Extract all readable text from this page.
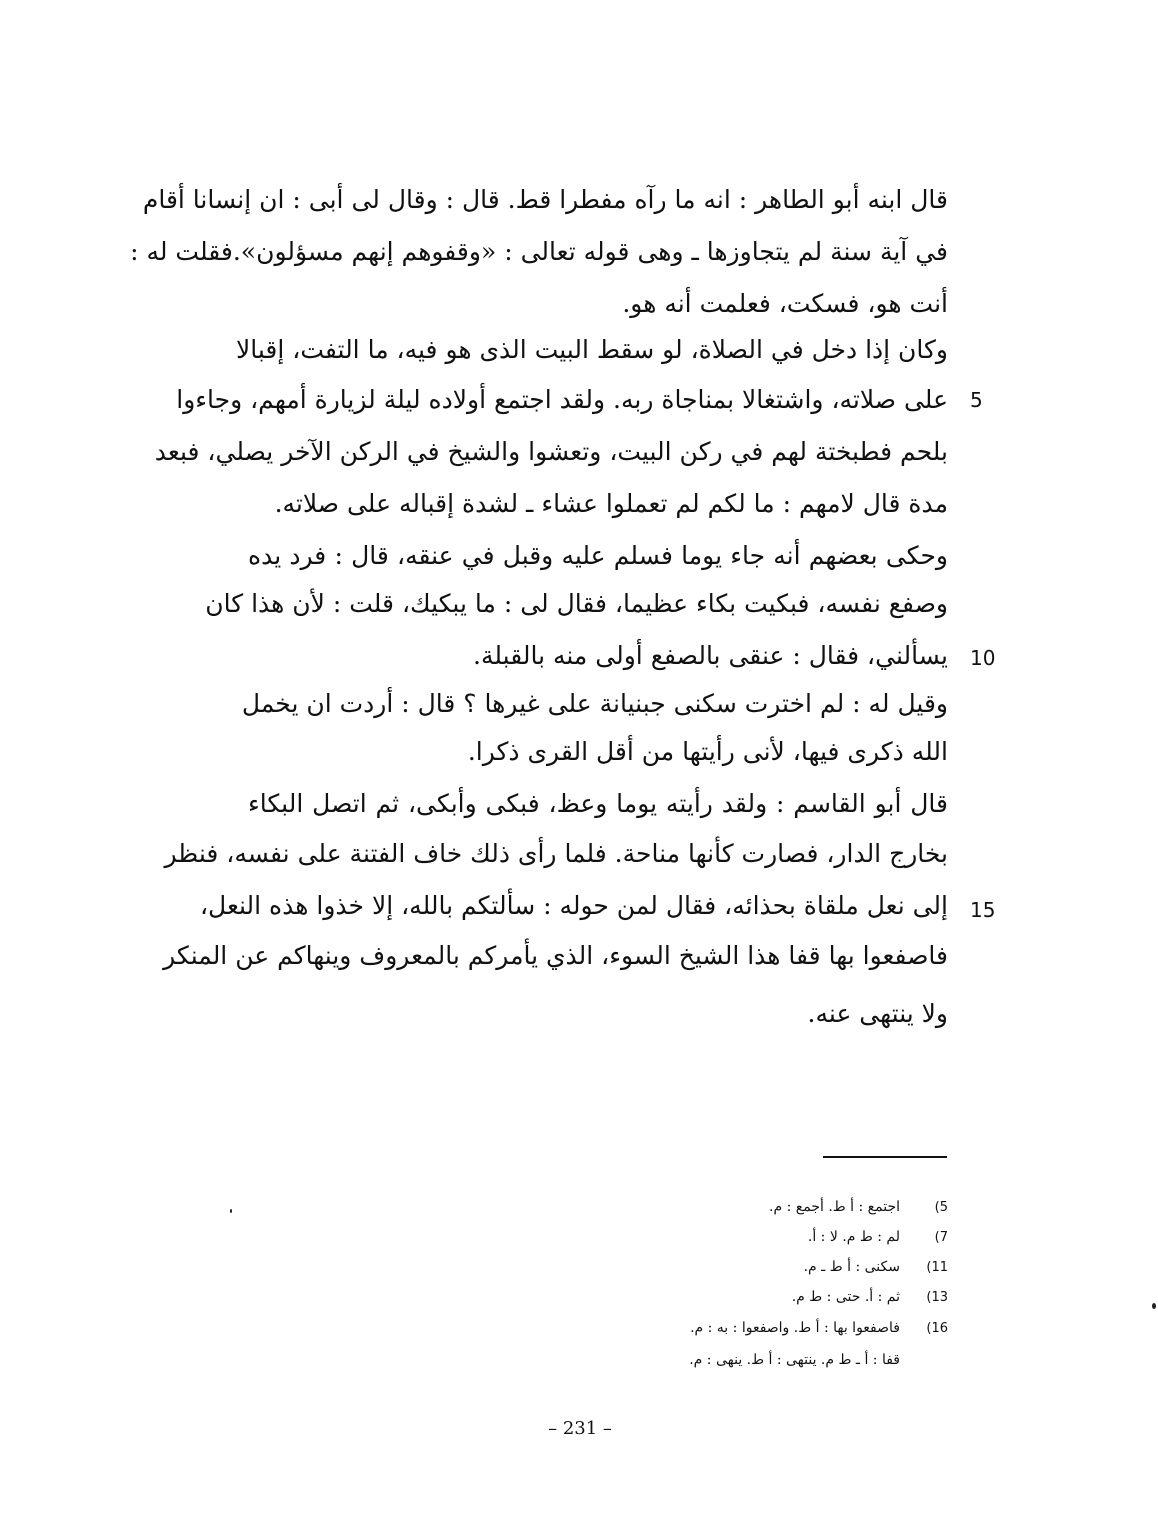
قال ابنه أبو الطاهر : انه ما رآه مفطرا قط. قال : وقال لى أبى : ان إنسانا أقام
في آية سنة لم يتجاوزها ـ وهى قوله تعالى : «وقفوهم إنهم مسؤلون».فقلت له :
أنت هو، فسكت، فعلمت أنه هو.
وكان إذا دخل في الصلاة، لو سقط البيت الذى هو فيه، ما التفت، إقبالا
على صلاته، واشتغالا بمناجاة ربه. ولقد اجتمع أولاده ليلة لزيارة أمهم، وجاءوا 5
بلحم فطبختة لهم في ركن البيت، وتعشوا والشيخ في الركن الآخر يصلي، فبعد
مدة قال لامهم : ما لكم لم تعملوا عشاء ـ لشدة إقباله على صلاته.
وحكى بعضهم أنه جاء يوما فسلم عليه وقبل في عنقه، قال : فرد يده
وصفع نفسه، فبكيت بكاء عظيما، فقال لى : ما يبكيك، قلت : لأن هذا كان
يسألني، فقال : عنقى بالصفع أولى منه بالقبلة. 10
وقيل له : لم اخترت سكنى جبنيانة على غيرها ؟ قال : أردت ان يخمل
الله ذكرى فيها، لأنى رأيتها من أقل القرى ذكرا.
قال أبو القاسم : ولقد رأيته يوما وعظ، فبكى وأبكى، ثم اتصل البكاء
بخارج الدار، فصارت كأنها مناحة. فلما رأى ذلك خاف الفتنة على نفسه، فنظر
إلى نعل ملقاة بحذائه، فقال لمن حوله : سألتكم بالله، إلا خذوا هذه النعل، 15
فاصفعوا بها قفا هذا الشيخ السوء، الذي يأمركم بالمعروف وينهاكم عن المنكر
ولا ينتهى عنه.
(5اجتمع : أ ط. أجمع : م.
(7لم : ط م. لا : أ.
(11سكنى : أ ط ـ م.
(13ثم : أ. حتى : ط م.
(16فاصفعوا بها : أ ط. واصفعوا : به : م.
قفا : أ ـ ط م. ينتهى : أ ط. ينهى : م.
– 231 –
